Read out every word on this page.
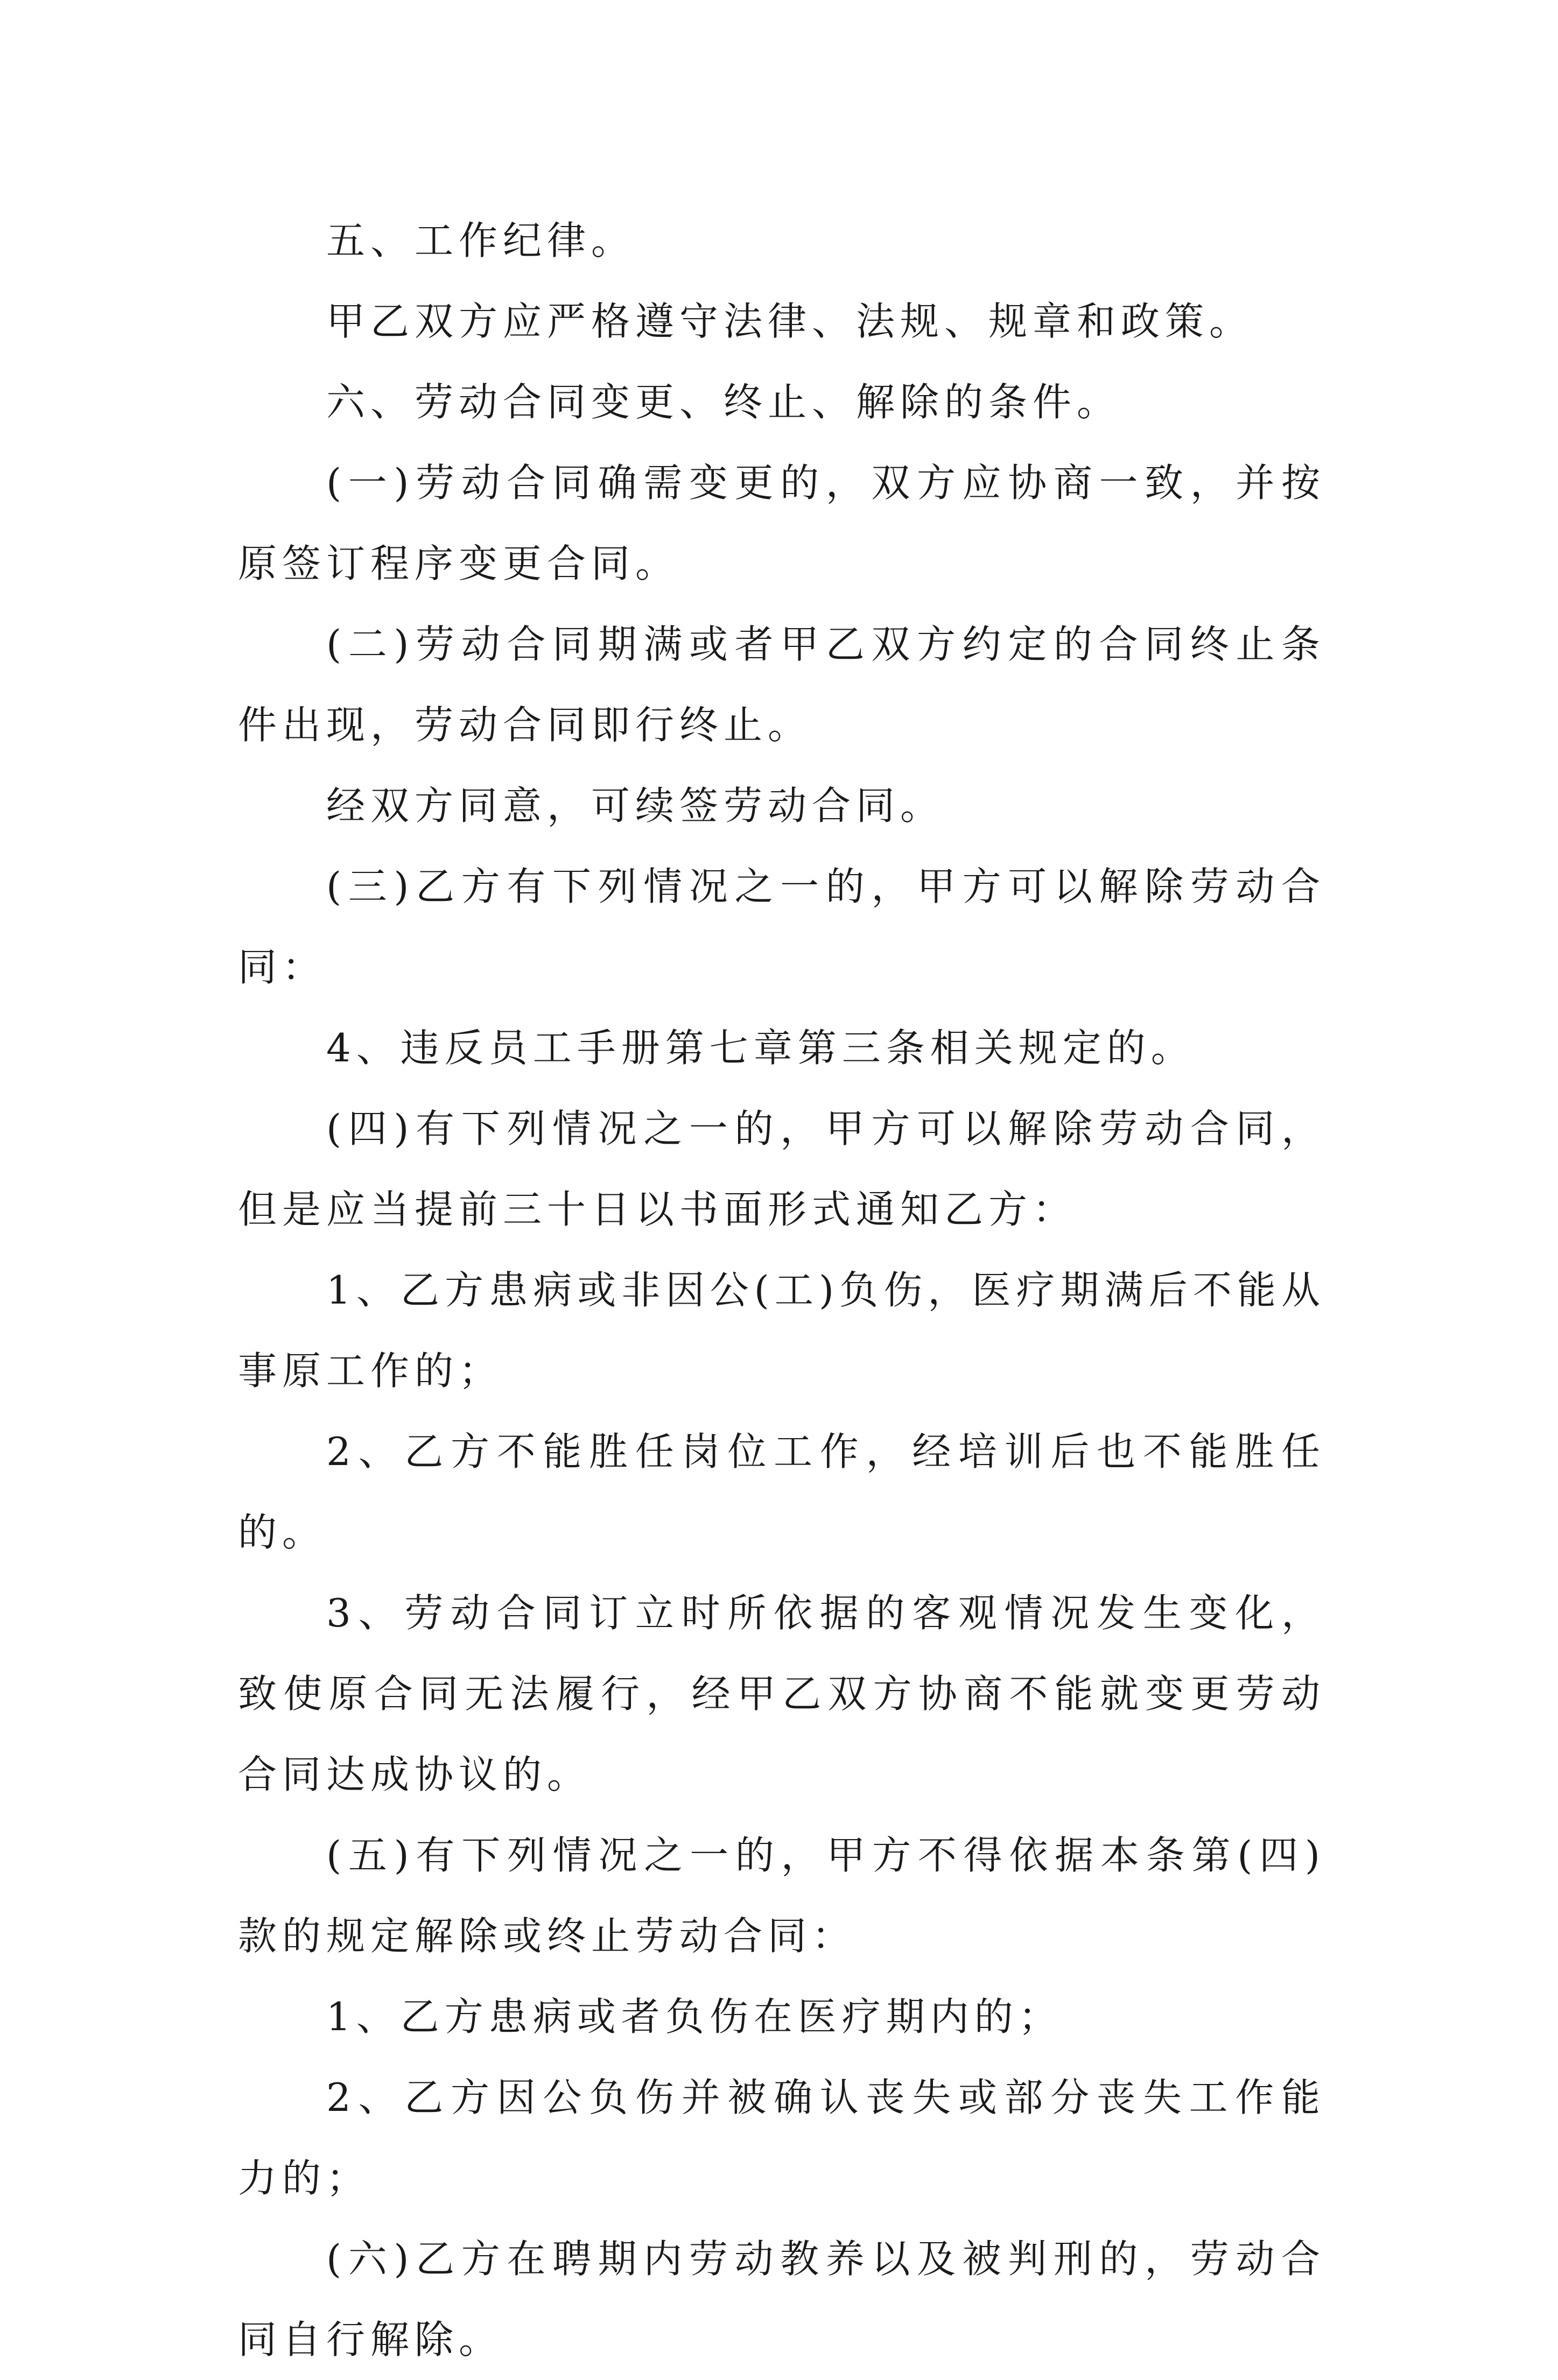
五、工作纪律。

甲乙双方应严格遵守法律、法规、规章和政策。

六、劳动合同变更、终止、解除的条件。

(一)劳动合同确需变更的，双方应协商一致，并按原签订程序变更合同。

(二)劳动合同期满或者甲乙双方约定的合同终止条件出现，劳动合同即行终止。

经双方同意，可续签劳动合同。

(三)乙方有下列情况之一的，甲方可以解除劳动合同：

4、违反员工手册第七章第三条相关规定的。

(四)有下列情况之一的，甲方可以解除劳动合同，但是应当提前三十日以书面形式通知乙方：

1、乙方患病或非因公(工)负伤，医疗期满后不能从事原工作的；

2、乙方不能胜任岗位工作，经培训后也不能胜任的。

3、劳动合同订立时所依据的客观情况发生变化，致使原合同无法履行，经甲乙双方协商不能就变更劳动合同达成协议的。

(五)有下列情况之一的，甲方不得依据本条第(四)款的规定解除或终止劳动合同：

1、乙方患病或者负伤在医疗期内的；

2、乙方因公负伤并被确认丧失或部分丧失工作能力的；

(六)乙方在聘期内劳动教养以及被判刑的，劳动合同自行解除。
